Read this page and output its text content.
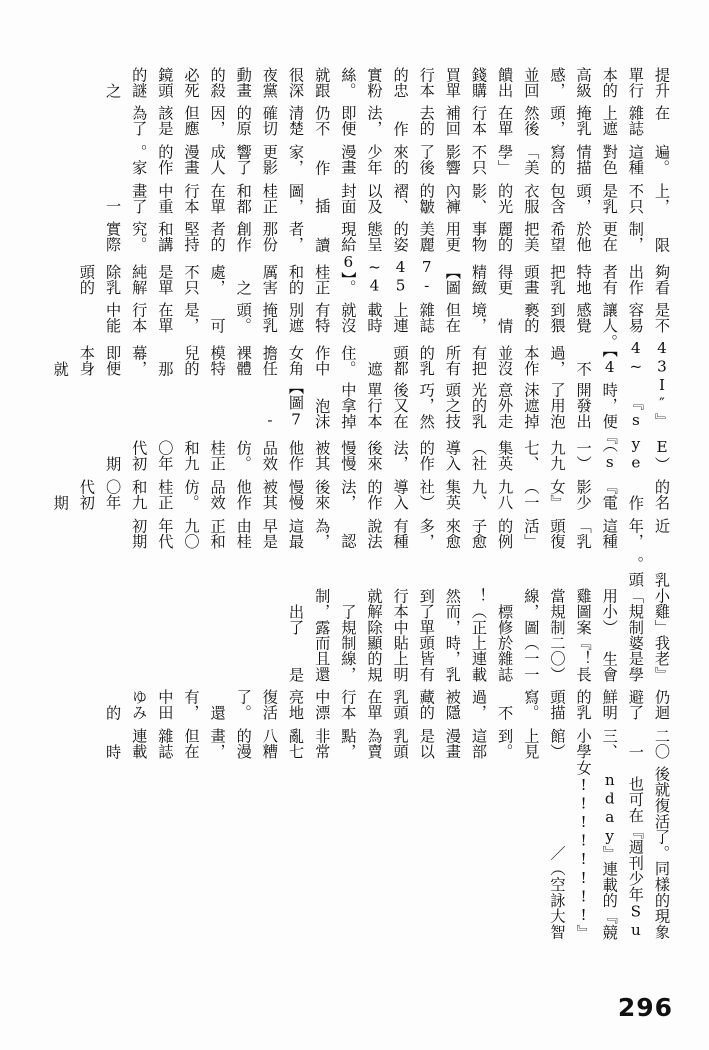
後就復活了。同樣的現象也可在『週刊少年Sunday』連載的『競女!!!!!!!!』（空詠大智／
二〇一三、小學館）上見到。這部漫畫是以乳頭為賣點，非常亂七八糟的漫畫，但在雜誌連載時
仍迴避了鮮明的乳頭描寫。不過，被隱藏的乳頭在單行本中漂亮地復活了。還有，中田ゆみ的
『我老婆是學生會長！』（二〇一一）於雜誌上連載時，乳頭皆有貼上明顯的規制線，而且還是
「小雞規制」（用小雞圖案當規制線，圖標修正）！然而，到了單行本中就解除了規制，露出了
乳頭。
　近年，這種「乳頭復活」的例子愈來愈多，有種說法認為，這最早是由桂正和九〇年代初期
的名作『電影少女』（一九八九、集英社）導入的作法，後來慢慢被其他作品效仿。桂正和九〇年代初期
（Eyes）』（一九九七、集英社）導入的作法，後來慢慢被其他作品效仿。桂正和九〇年代初期
『I″s』時，便開發出了用泡沫遮掉意外走光的乳頭之技巧，然後又在單行本中拿掉泡沫【圖7-
43~44】。不過，本作並沒有把所有的乳頭都遮住。作中女角擔任裸體模特兒的那幕，即便本身就
是不容易讓人感覺到猥褻的情境，但在雜誌上連載時就沒有特別遮掩乳頭。可是，在單行本中能
夠看出作者有特地把乳頭畫得更精緻【圖7-45~46】。桂正和的厲害之處，不只是單純解除乳頭的
限制，更在於他希望把美麗的事物用更美麗的姿態呈現給讀者，那份創作者的堅持和講究。實際
上，不只是乳頭，包含衣服的光影、內褲的皺褶、以及封面插圖，桂正和都在單行本中重畫了一
遍。這種對色情描寫的「美學」不只影響了後來的少年漫畫作家，更影響了成人漫畫的作家。
　在雜誌上遮掩乳頭，然後在單行本補回去的作法，即便仍不清楚確切的原因，但應該是為了
提升單行本的高級感，並回饋出錢購買單行本的忠實粉絲。就跟很深夜黨動畫的殺必死鏡頭的謎之
296
